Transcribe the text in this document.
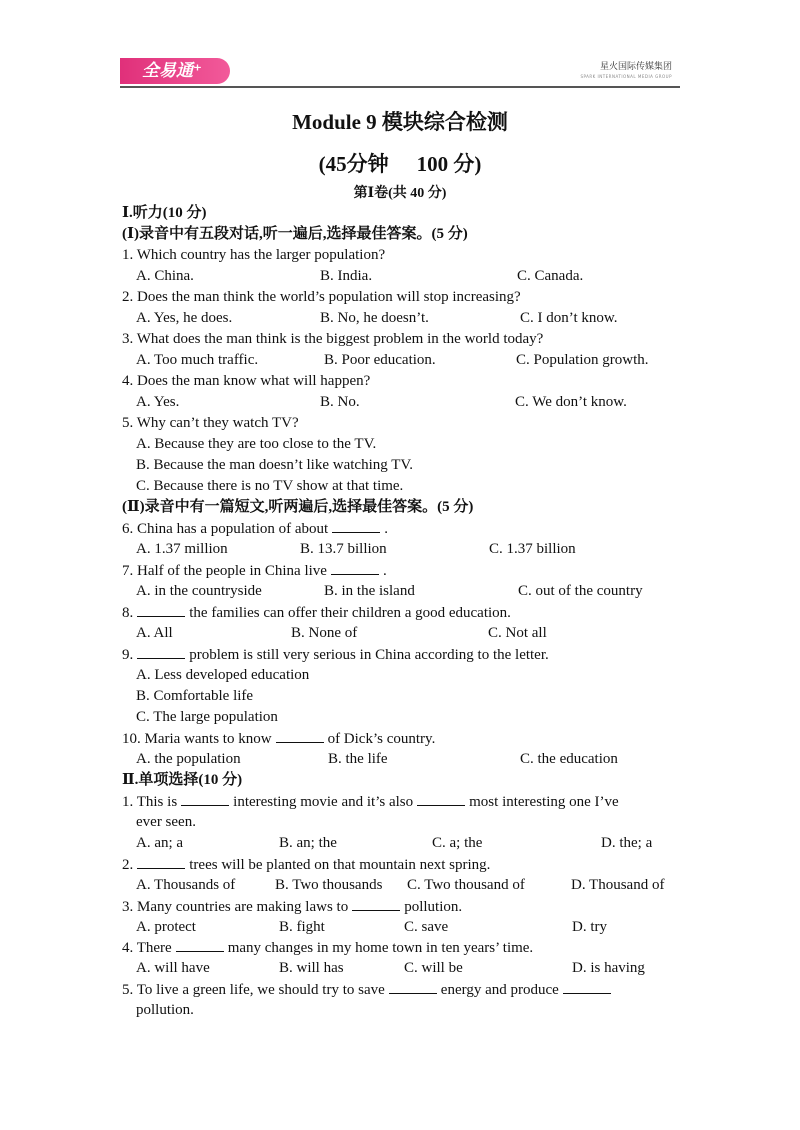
全易通⁺	星火国际传媒集团
SPARK INTERNATIONAL MEDIA GROUP
Module 9 模块综合检测
(45分钟 100 分)
第Ⅰ卷(共 40 分)
Ⅰ.听力(10 分)
(Ⅰ)录音中有五段对话,听一遍后,选择最佳答案。(5 分)
1. Which country has the larger population?
A. China.	B. India.	C. Canada.
2. Does the man think the world’s population will stop increasing?
A. Yes, he does.	B. No, he doesn’t.	C. I don’t know.
3. What does the man think is the biggest problem in the world today?
A. Too much traffic.	B. Poor education.	C. Population growth.
4. Does the man know what will happen?
A. Yes.	B. No.	C. We don’t know.
5. Why can’t they watch TV?
A. Because they are too close to the TV.
B. Because the man doesn’t like watching TV.
C. Because there is no TV show at that time.
(Ⅱ)录音中有一篇短文,听两遍后,选择最佳答案。(5 分)
6. China has a population of about	.
A. 1.37 million	B. 13.7 billion	C. 1.37 billion
7. Half of the people in China live	.
A. in the countryside	B. in the island	C. out of the country
8.	the families can offer their children a good education.
A. All	B. None of	C. Not all
9.	problem is still very serious in China according to the letter.
A. Less developed education
B. Comfortable life
C. The large population
10. Maria wants to know	of Dick’s country.
A. the population	B. the life	C. the education
Ⅱ.单项选择(10 分)
1. This is	interesting movie and it’s also	most interesting one I’ve
ever seen.
A. an; a	B. an; the	C. a; the	D. the; a
2.	trees will be planted on that mountain next spring.
A. Thousands of	B. Two thousands C. Two thousand of	D. Thousand of
3. Many countries are making laws to	pollution.
A. protect	B. fight	C. save	D. try
4. There	many changes in my home town in ten years’ time.
A. will have	B. will has	C. will be	D. is having
5. To live a green life, we should try to save	energy and produce
pollution.
